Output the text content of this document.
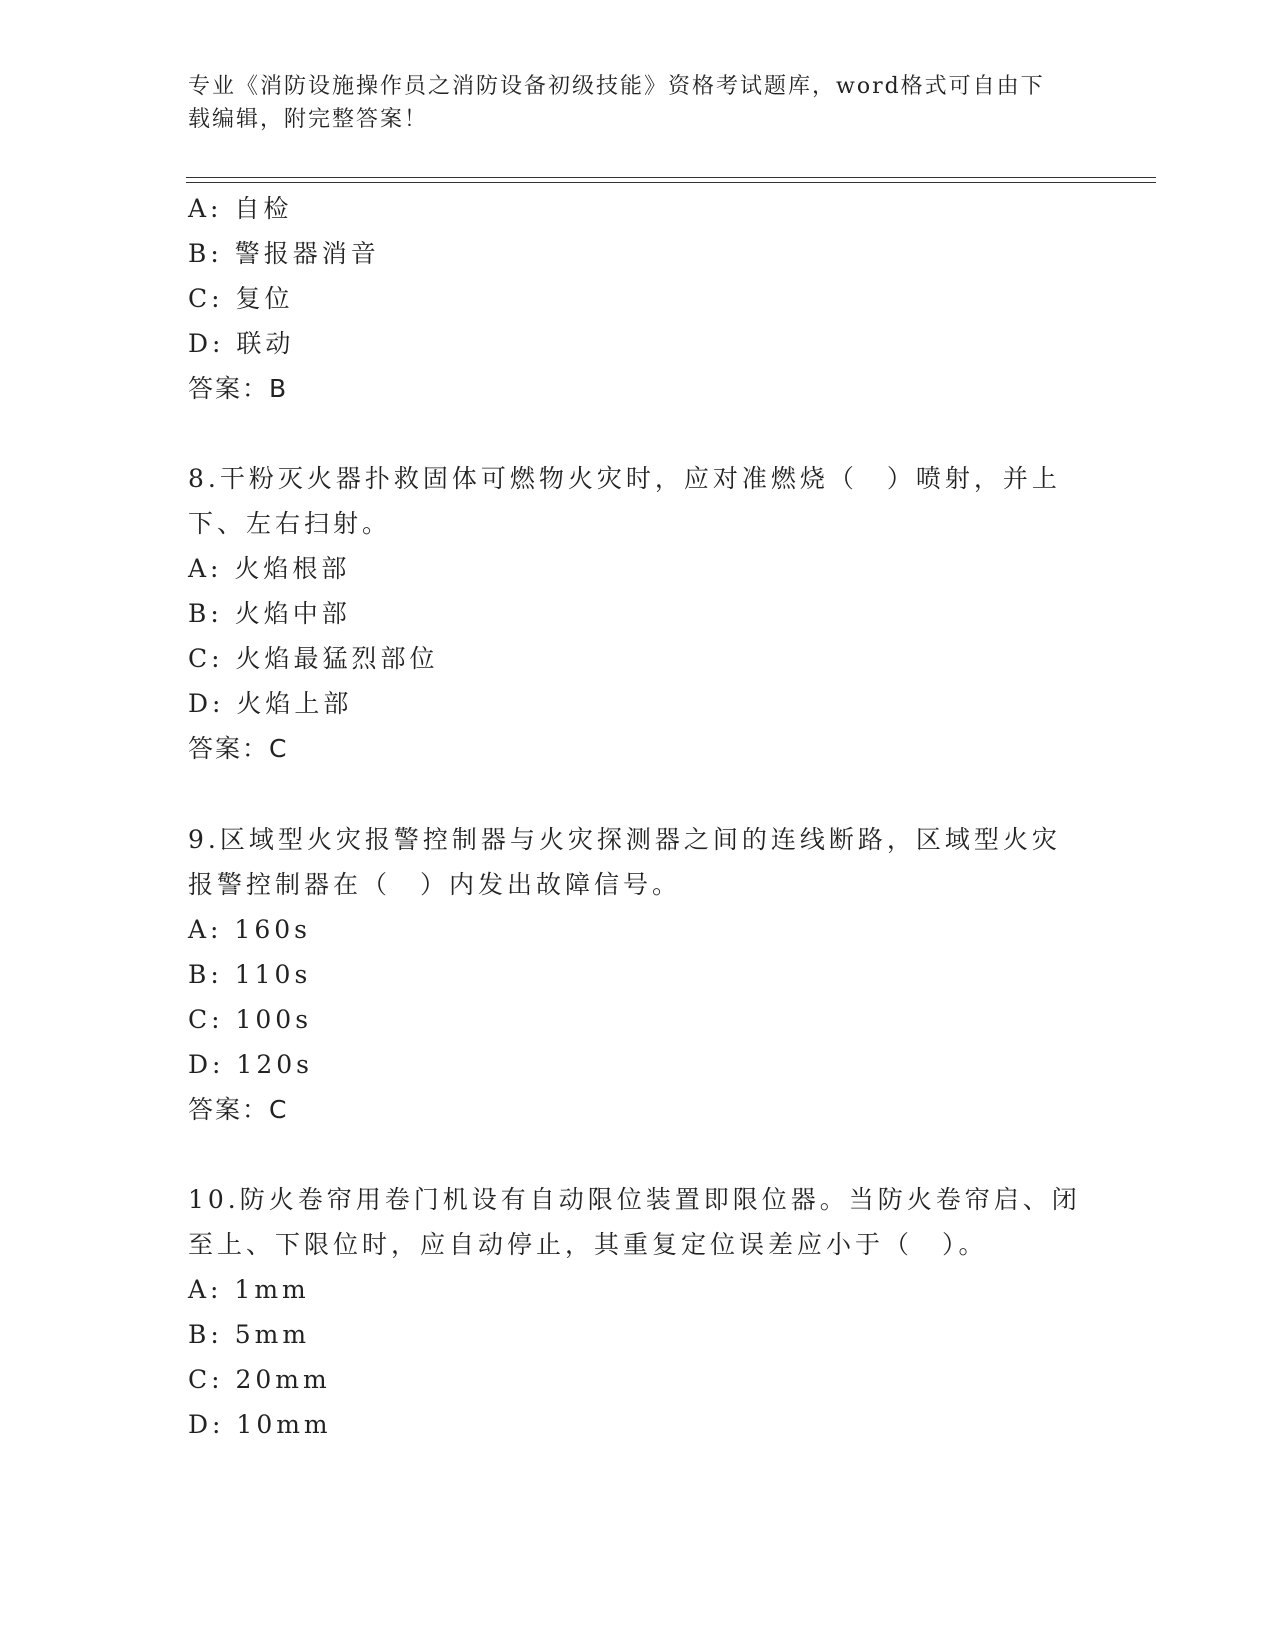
专业《消防设施操作员之消防设备初级技能》资格考试题库，word格式可自由下
载编辑，附完整答案！
A: 自检
B: 警报器消音
C: 复位
D: 联动
答案：B
8.干粉灭火器扑救固体可燃物火灾时，应对准燃烧（　）喷射，并上
下、左右扫射。
A: 火焰根部
B: 火焰中部
C: 火焰最猛烈部位
D: 火焰上部
答案：C
9.区域型火灾报警控制器与火灾探测器之间的连线断路，区域型火灾
报警控制器在（　）内发出故障信号。
A: 160s
B: 110s
C: 100s
D: 120s
答案：C
10.防火卷帘用卷门机设有自动限位装置即限位器。当防火卷帘启、闭
至上、下限位时，应自动停止，其重复定位误差应小于（　）。
A: 1mm
B: 5mm
C: 20mm
D: 10mm
